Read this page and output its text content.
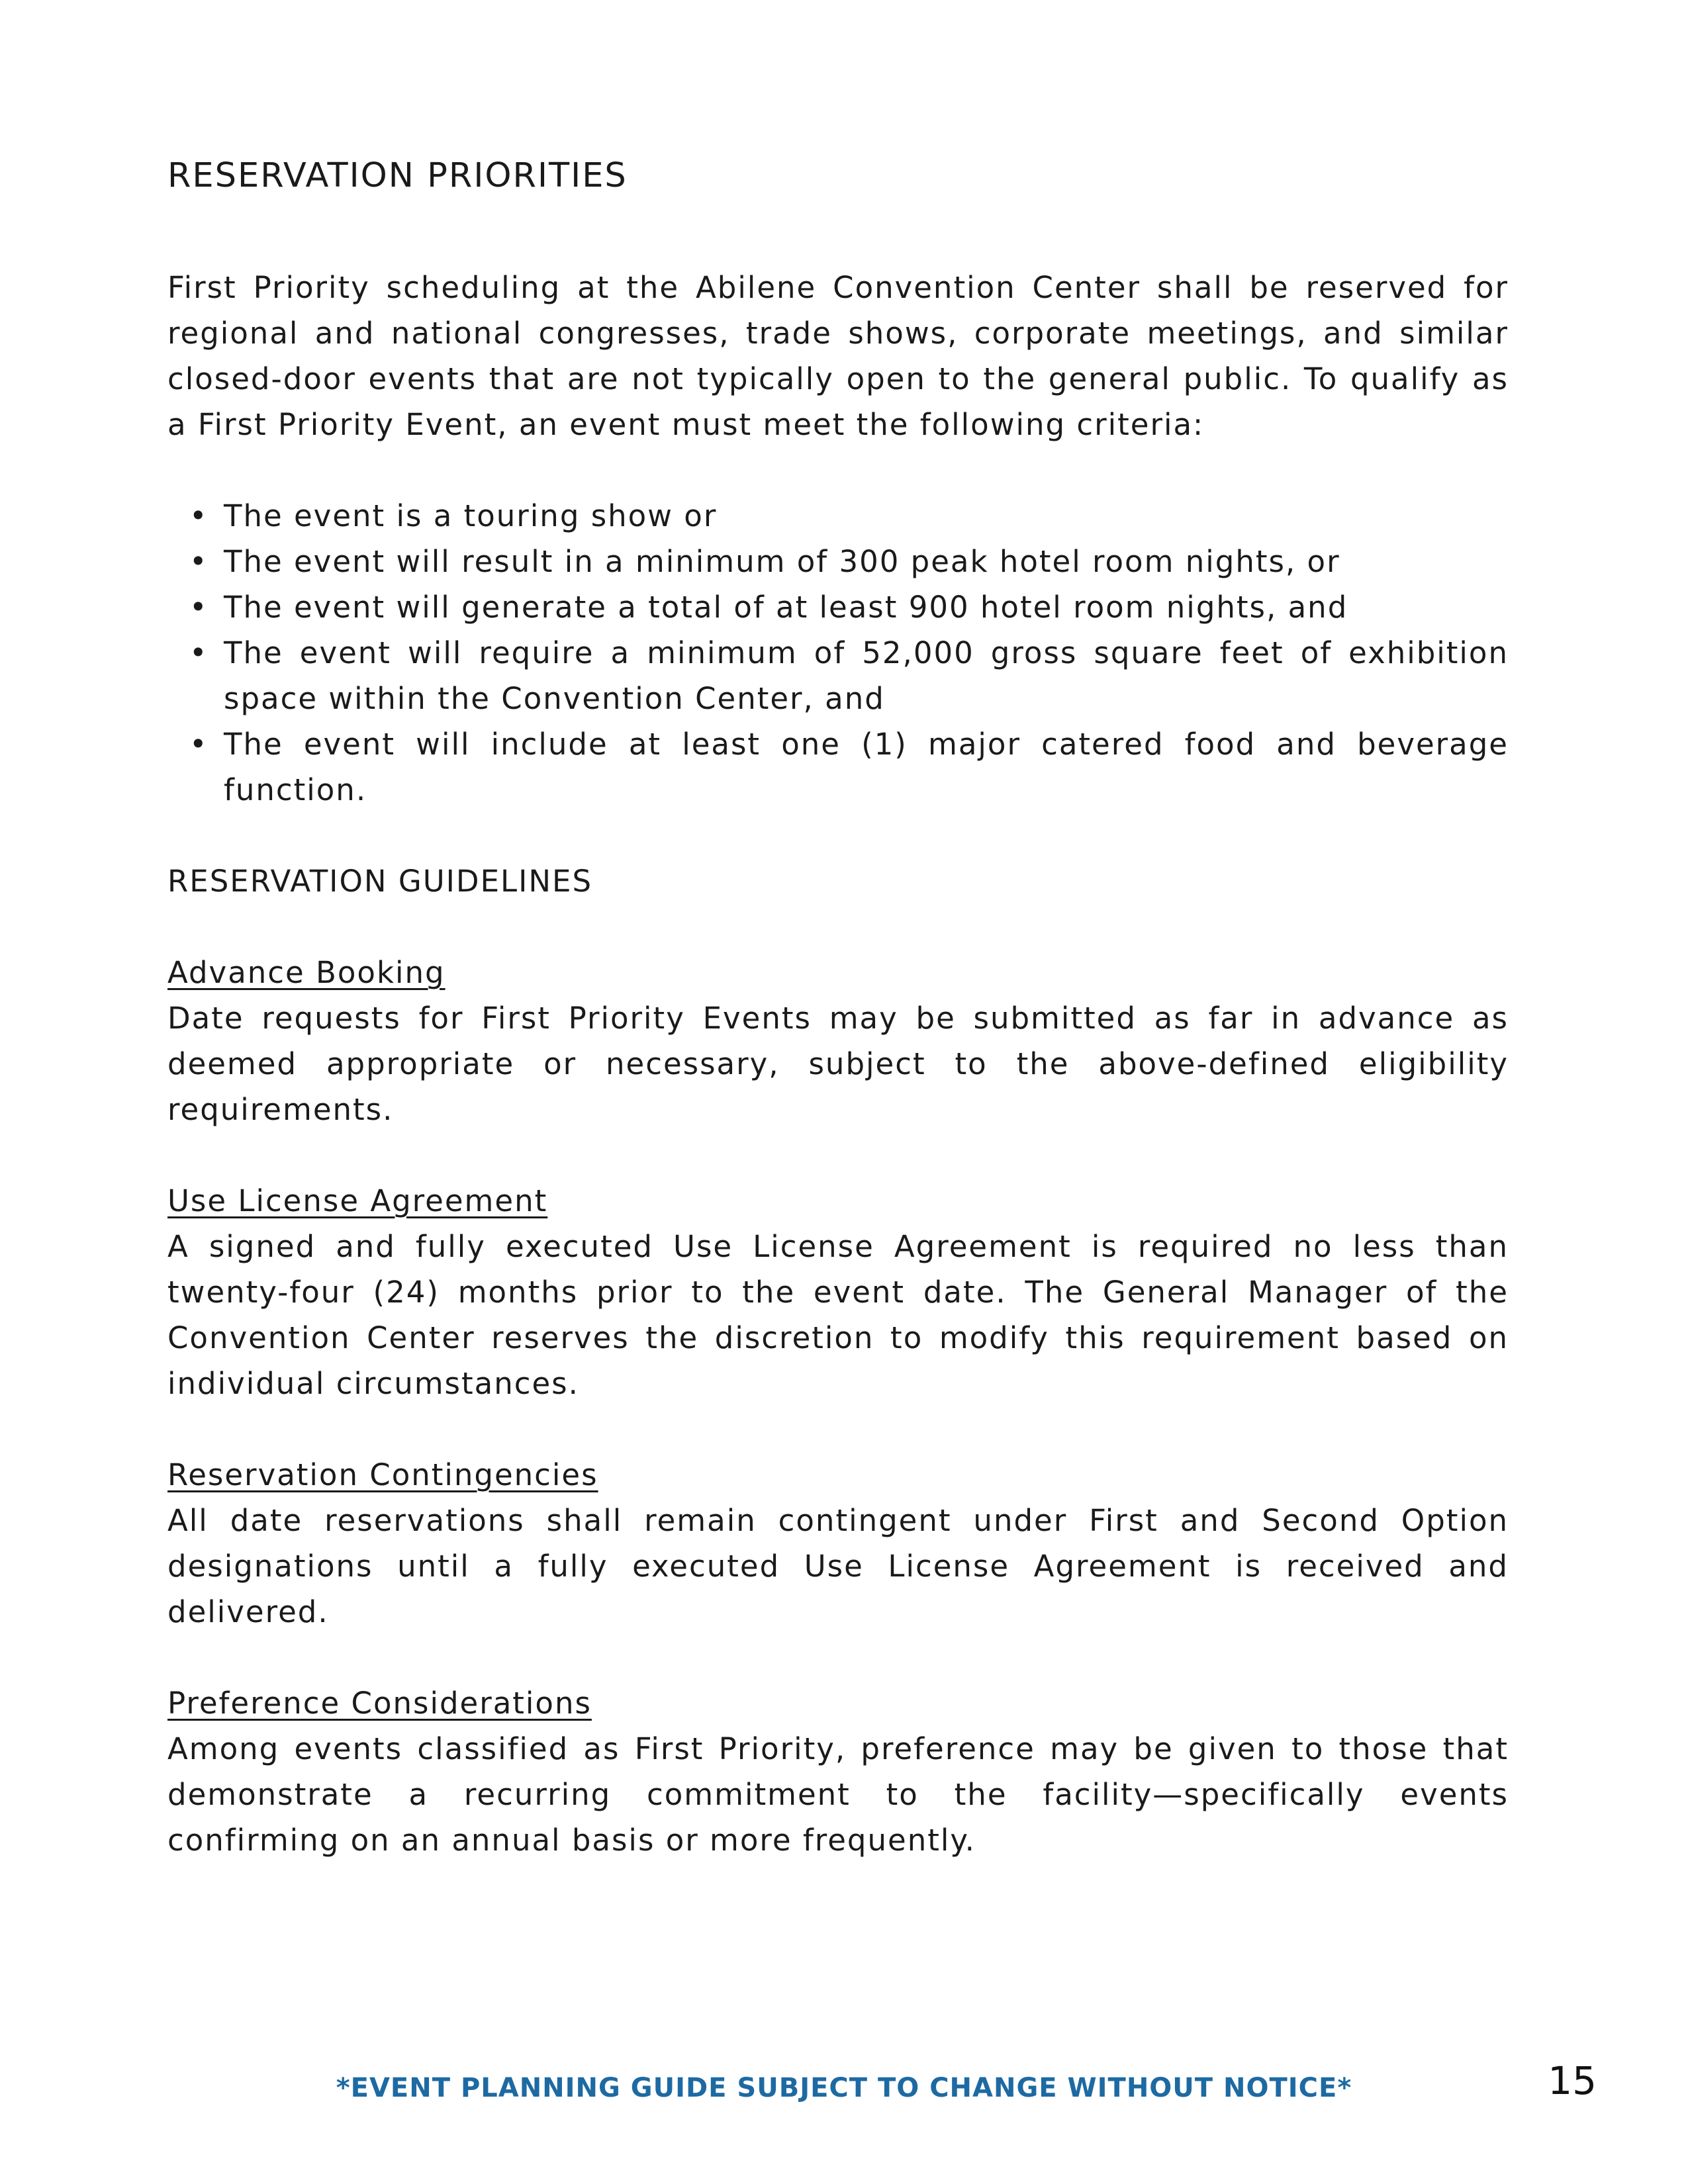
RESERVATION PRIORITIES

First Priority scheduling at the Abilene Convention Center shall be reserved for regional and national congresses, trade shows, corporate meetings, and similar closed-door events that are not typically open to the general public. To qualify as a First Priority Event, an event must meet the following criteria:

• The event is a touring show or
• The event will result in a minimum of 300 peak hotel room nights, or
• The event will generate a total of at least 900 hotel room nights, and
• The event will require a minimum of 52,000 gross square feet of exhibition space within the Convention Center, and
• The event will include at least one (1) major catered food and beverage function.
RESERVATION GUIDELINES
Advance Booking

Date requests for First Priority Events may be submitted as far in advance as deemed appropriate or necessary, subject to the above-defined eligibility requirements.

Use License Agreement

A signed and fully executed Use License Agreement is required no less than twenty-four (24) months prior to the event date. The General Manager of the Convention Center reserves the discretion to modify this requirement based on individual circumstances.

Reservation Contingencies

All date reservations shall remain contingent under First and Second Option designations until a fully executed Use License Agreement is received and delivered.

Preference Considerations

Among events classified as First Priority, preference may be given to those that demonstrate a recurring commitment to the facility—specifically events confirming on an annual basis or more frequently.

*EVENT PLANNING GUIDE SUBJECT TO CHANGE WITHOUT NOTICE*	15
